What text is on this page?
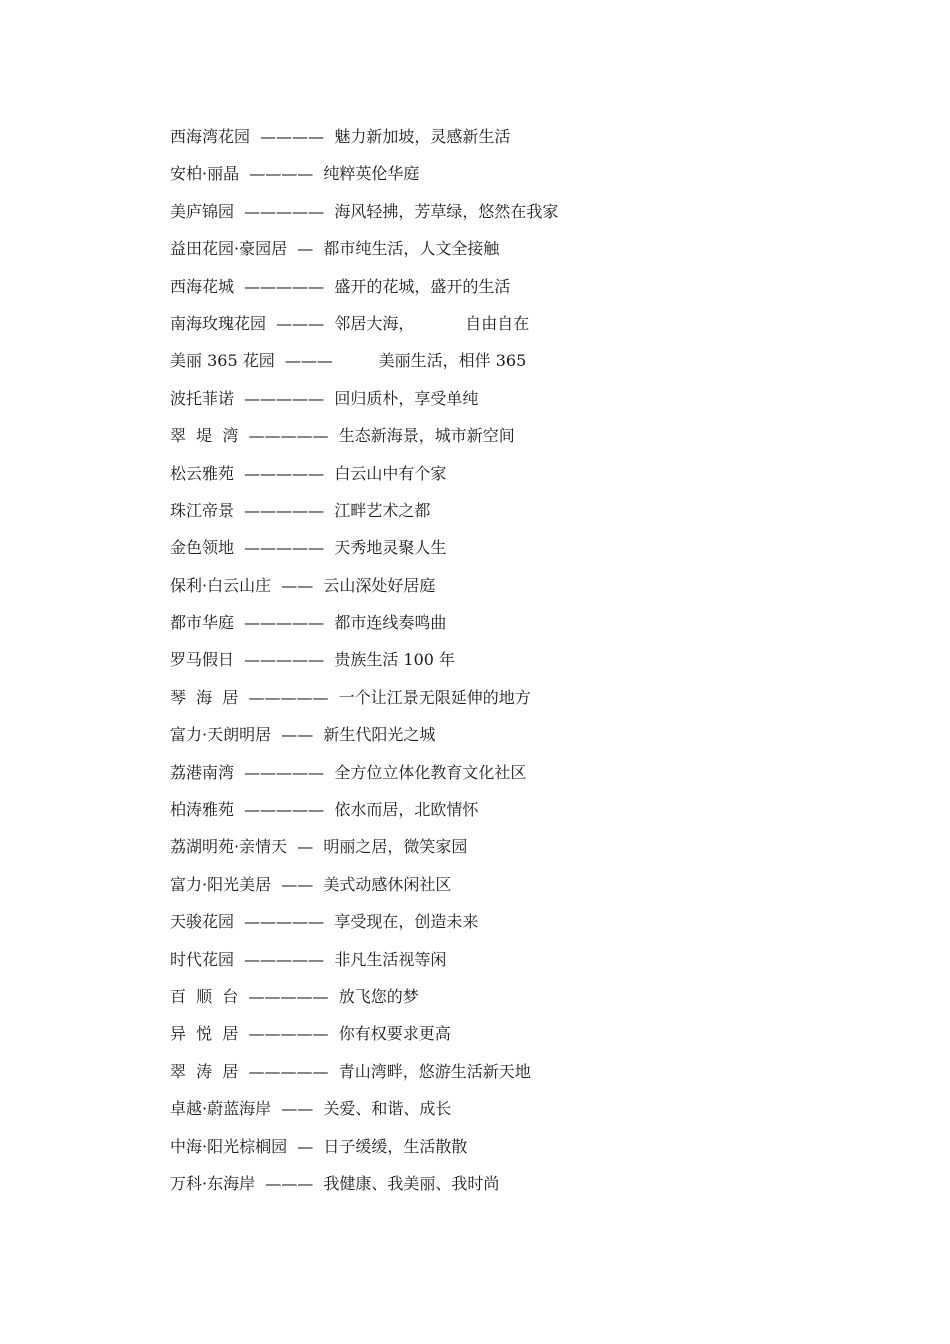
西海湾花园  ————  魅力新加坡，灵感新生活
安柏·丽晶  ————  纯粹英伦华庭
美庐锦园  —————  海风轻拂，芳草绿，悠然在我家
益田花园·豪园居  —  都市纯生活，人文全接触
西海花城  —————  盛开的花城，盛开的生活
南海玫瑰花园  ———  邻居大海，          自由自在
美丽 365 花园  ———         美丽生活，相伴 365
波托菲诺  —————  回归质朴，享受单纯
翠  堤  湾  —————  生态新海景，城市新空间
松云雅苑  —————  白云山中有个家
珠江帝景  —————  江畔艺术之都
金色领地  —————  天秀地灵聚人生
保利·白云山庄  ——  云山深处好居庭
都市华庭  —————  都市连线奏鸣曲
罗马假日  —————  贵族生活 100 年
琴  海  居  —————  一个让江景无限延伸的地方
富力·天朗明居  ——  新生代阳光之城
荔港南湾  —————  全方位立体化教育文化社区
柏涛雅苑  —————  依水而居，北欧情怀
荔湖明苑·亲情天  —  明丽之居，微笑家园
富力·阳光美居  ——  美式动感休闲社区
天骏花园  —————  享受现在，创造未来
时代花园  —————  非凡生活视等闲
百  顺  台  —————  放飞您的梦
异  悦  居  —————  你有权要求更高
翠  涛  居  —————  青山湾畔，悠游生活新天地
卓越·蔚蓝海岸  ——  关爱、和谐、成长
中海·阳光棕榈园  —  日子缓缓，生活散散
万科·东海岸  ———  我健康、我美丽、我时尚
